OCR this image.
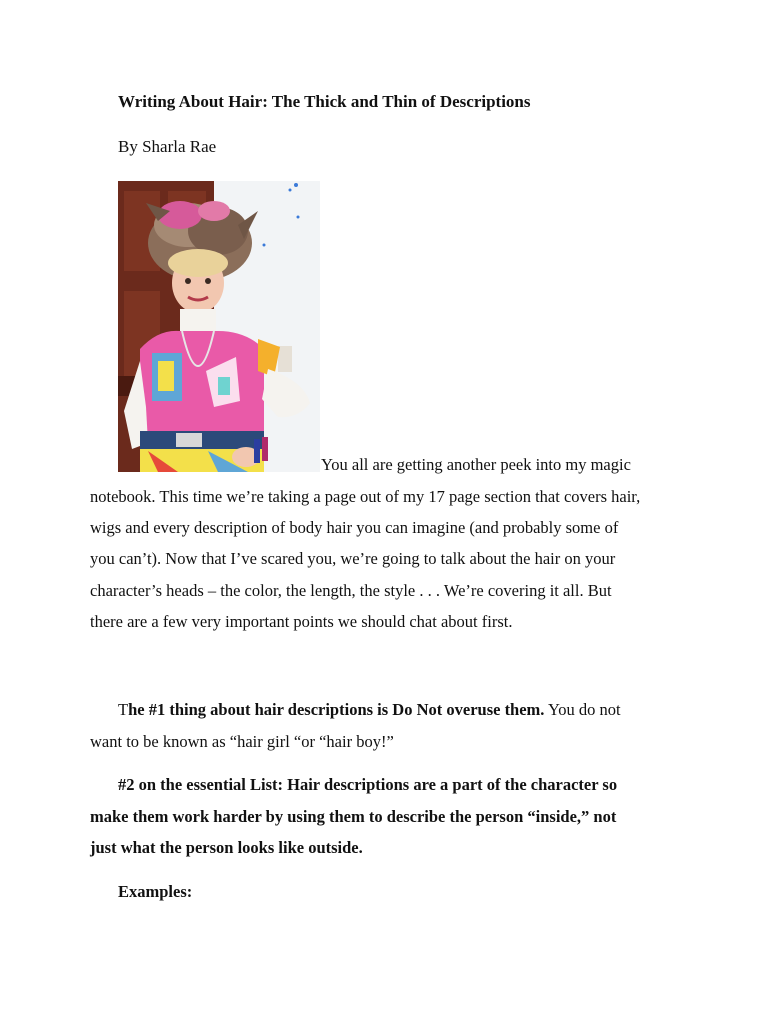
Writing About Hair: The Thick and Thin of Descriptions
By Sharla Rae
You all are getting another peek into my magic
notebook. This time we’re taking a page out of my 17 page section that covers hair,
wigs and every description of body hair you can imagine (and probably some of
you can’t). Now that I’ve scared you, we’re going to talk about the hair on your
character’s heads – the color, the length, the style . . . We’re covering it all. But
there are a few very important points we should chat about first.
The #1 thing about hair descriptions is Do Not overuse them. You do not
want to be known as “hair girl “or “hair boy!”
#2 on the essential List: Hair descriptions are a part of the character so
make them work harder by using them to describe the person “inside,” not
just what the person looks like outside.
Examples:
